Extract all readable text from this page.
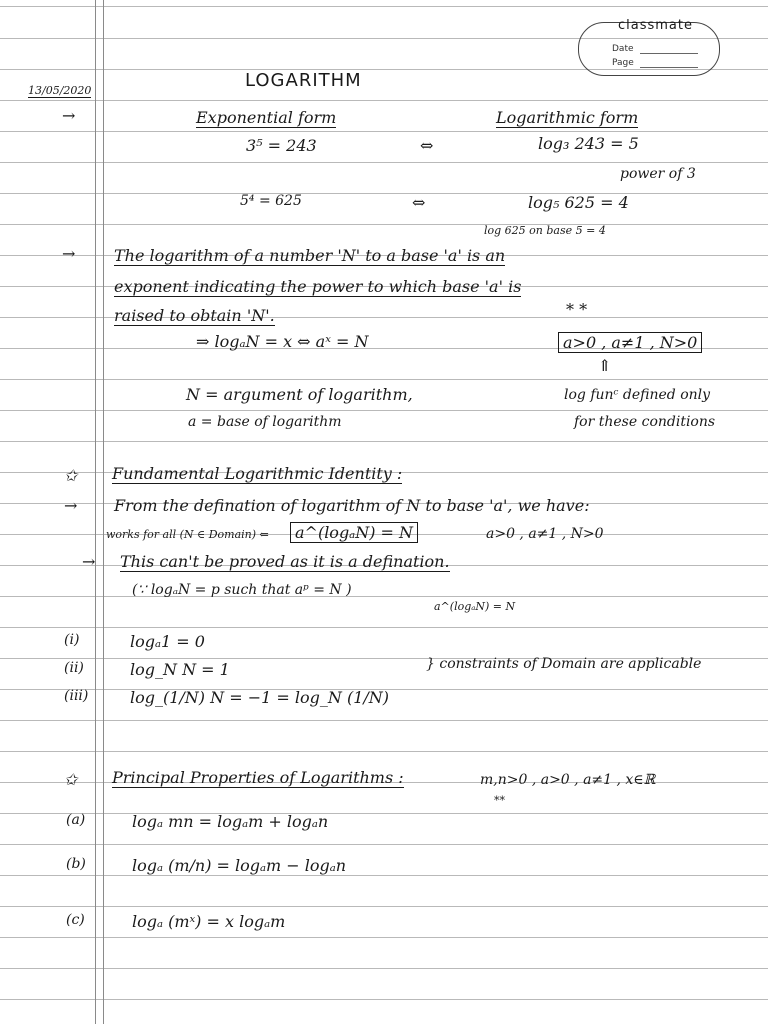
classmate
Date
Page
13/05/2020	LOGARITHM
→	Exponential form	Logarithmic form
3⁵ = 243	⇔	log₃ 243 = 5
power of 3
5⁴ = 625	⇔	log₅ 625 = 4
log 625 on base 5 = 4
→ The logarithm of a number 'N' to a base 'a' is an
exponent indicating the power to which base 'a' is
raised to obtain 'N'.	* *
⇒ logₐN = x ⇔ aˣ = N	a>0 , a≠1 , N>0
⇑
N = argument of logarithm,
a = base of logarithm
log funᶜ defined only
for these conditions
✩ Fundamental Logarithmic Identity :
→ From the defination of logarithm of N to base 'a', we have:
works for all (N ∈ Domain) ⇐	a^(logₐN) = N	a>0 , a≠1 , N>0
→ This can't be proved as it is a defination.
(∵ logₐN = p such that aᵖ = N )
a^(logₐN) = N
(i)	logₐ1 = 0
(ii)	log_N N = 1
(iii)	log_(1/N) N = −1 = log_N (1/N)
} constraints of Domain are applicable
✩ Principal Properties of Logarithms :	m,n>0 , a>0 , a≠1 , x∈ℝ
**
(a)	logₐ mn = logₐm + logₐn
(b)	logₐ (m/n) = logₐm − logₐn
(c)	logₐ (mˣ) = x logₐm
